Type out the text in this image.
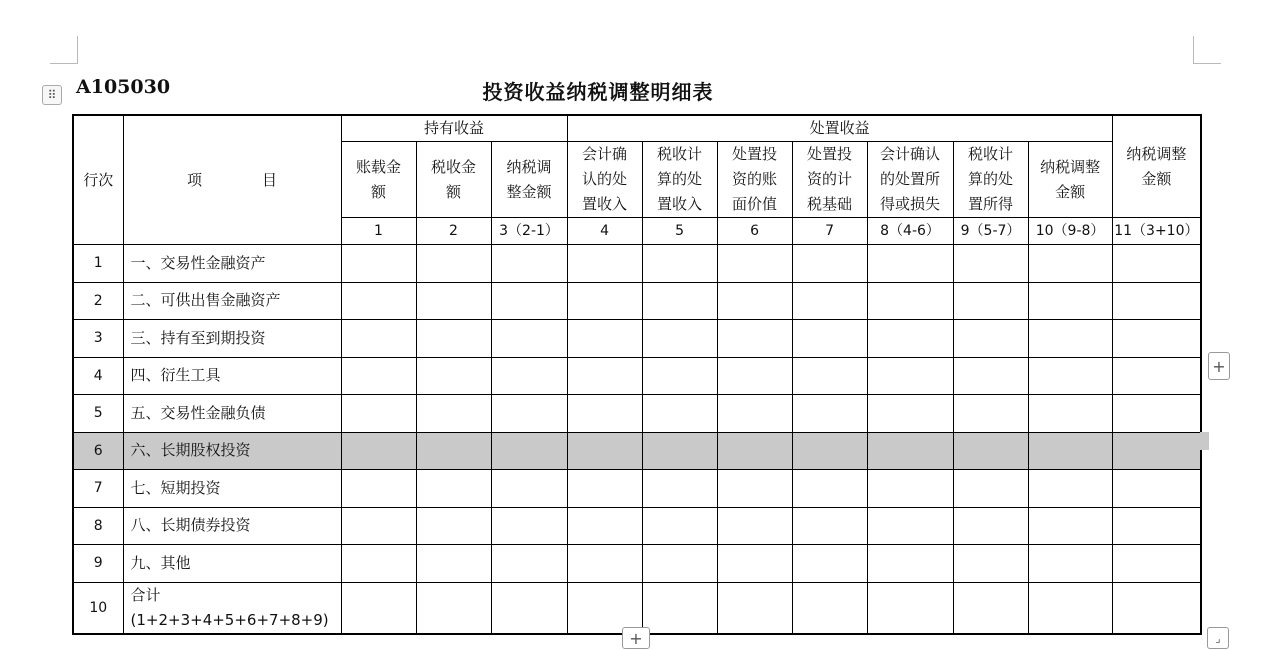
⠿ A105030	投资收益纳税调整明细表
行次	项　　　　目	持有收益			处置收益							纳税调整金额

		账载金额	税收金额	纳税调整金额	会计确认的处置收入	税收计算的处置收入	处置投资的账面价值	处置投资的计税基础	会计确认的处置所得或损失	税收计算的处置所得	纳税调整金额	

		1	2	3（2-1）	4	5	6	7	8（4-6）	9（5-7）	10（9-8）	11（3+10）
1	一、交易性金融资产											
2	二、可供出售金融资产											
3	三、持有至到期投资											
4	四、衍生工具											
5	五、交易性金融负债											
6	六、长期股权投资											
7	七、短期投资											
8	八、长期债券投资											
9	九、其他											
10	合计(1+2+3+4+5+6+7+8+9)											
+
+	⌟
